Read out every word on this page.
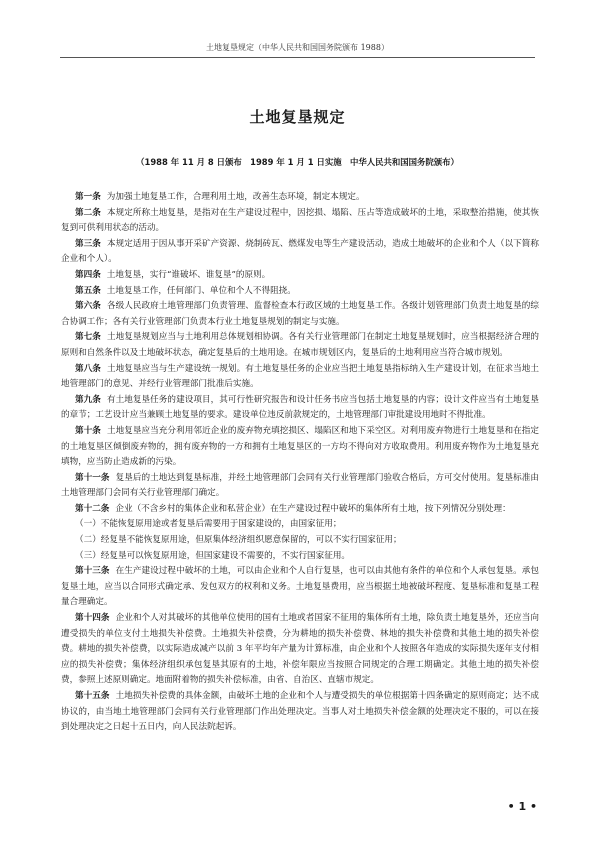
土地复垦规定（中华人民共和国国务院颁布 1988）
土地复垦规定
（1988 年 11 月 8 日颁布　1989 年 1 月 1 日实施　中华人民共和国国务院颁布）

第一条 为加强土地复垦工作，合理利用土地，改善生态环境，制定本规定。

第二条 本规定所称土地复垦，是指对在生产建设过程中，因挖损、塌陷、压占等造成破坏的土地，采取整治措施，使其恢复到可供利用状态的活动。

第三条 本规定适用于因从事开采矿产资源、烧制砖瓦、燃煤发电等生产建设活动，造成土地破坏的企业和个人（以下简称企业和个人）。

第四条 土地复垦，实行“谁破坏、谁复垦”的原则。

第五条 土地复垦工作，任何部门、单位和个人不得阻挠。

第六条 各级人民政府土地管理部门负责管理、监督检查本行政区域的土地复垦工作。各级计划管理部门负责土地复垦的综合协调工作；各有关行业管理部门负责本行业土地复垦规划的制定与实施。

第七条 土地复垦规划应当与土地利用总体规划相协调。各有关行业管理部门在制定土地复垦规划时，应当根据经济合理的原则和自然条件以及土地破坏状态，确定复垦后的土地用途。在城市规划区内，复垦后的土地利用应当符合城市规划。

第八条 土地复垦应当与生产建设统一规划。有土地复垦任务的企业应当把土地复垦指标纳入生产建设计划，在征求当地土地管理部门的意见、并经行业管理部门批准后实施。

第九条 有土地复垦任务的建设项目，其可行性研究报告和设计任务书应当包括土地复垦的内容；设计文件应当有土地复垦的章节；工艺设计应当兼顾土地复垦的要求。建设单位违反前款规定的，土地管理部门审批建设用地时不得批准。

第十条 土地复垦应当充分利用邻近企业的废弃物充填挖损区、塌陷区和地下采空区。对利用废弃物进行土地复垦和在指定的土地复垦区倾倒废弃物的，拥有废弃物的一方和拥有土地复垦区的一方均不得向对方收取费用。利用废弃物作为土地复垦充填物，应当防止造成新的污染。

第十一条 复垦后的土地达到复垦标准，并经土地管理部门会同有关行业管理部门验收合格后，方可交付使用。复垦标准由土地管理部门会同有关行业管理部门确定。

第十二条 企业（不含乡村的集体企业和私营企业）在生产建设过程中破坏的集体所有土地，按下列情况分别处理：

（一）不能恢复原用途或者复垦后需要用于国家建设的，由国家征用；

（二）经复垦不能恢复原用途，但原集体经济组织愿意保留的，可以不实行国家征用；

（三）经复垦可以恢复原用途，但国家建设不需要的，不实行国家征用。

第十三条 在生产建设过程中破坏的土地，可以由企业和个人自行复垦，也可以由其他有条件的单位和个人承包复垦。承包复垦土地，应当以合同形式确定承、发包双方的权利和义务。土地复垦费用，应当根据土地被破坏程度、复垦标准和复垦工程量合理确定。

第十四条 企业和个人对其破坏的其他单位使用的国有土地或者国家不征用的集体所有土地，除负责土地复垦外，还应当向遭受损失的单位支付土地损失补偿费。土地损失补偿费，分为耕地的损失补偿费、林地的损失补偿费和其他土地的损失补偿费。耕地的损失补偿费，以实际造成减产以前 3 年平均年产量为计算标准，由企业和个人按照各年造成的实际损失逐年支付相应的损失补偿费；集体经济组织承包复垦其原有的土地，补偿年限应当按照合同规定的合理工期确定。其他土地的损失补偿费，参照上述原则确定。地面附着物的损失补偿标准，由省、自治区、直辖市规定。

第十五条 土地损失补偿费的具体金额，由破坏土地的企业和个人与遭受损失的单位根据第十四条确定的原则商定；达不成协议的，由当地土地管理部门会同有关行业管理部门作出处理决定。当事人对土地损失补偿金额的处理决定不服的，可以在接到处理决定之日起十五日内，向人民法院起诉。

• 1 •
